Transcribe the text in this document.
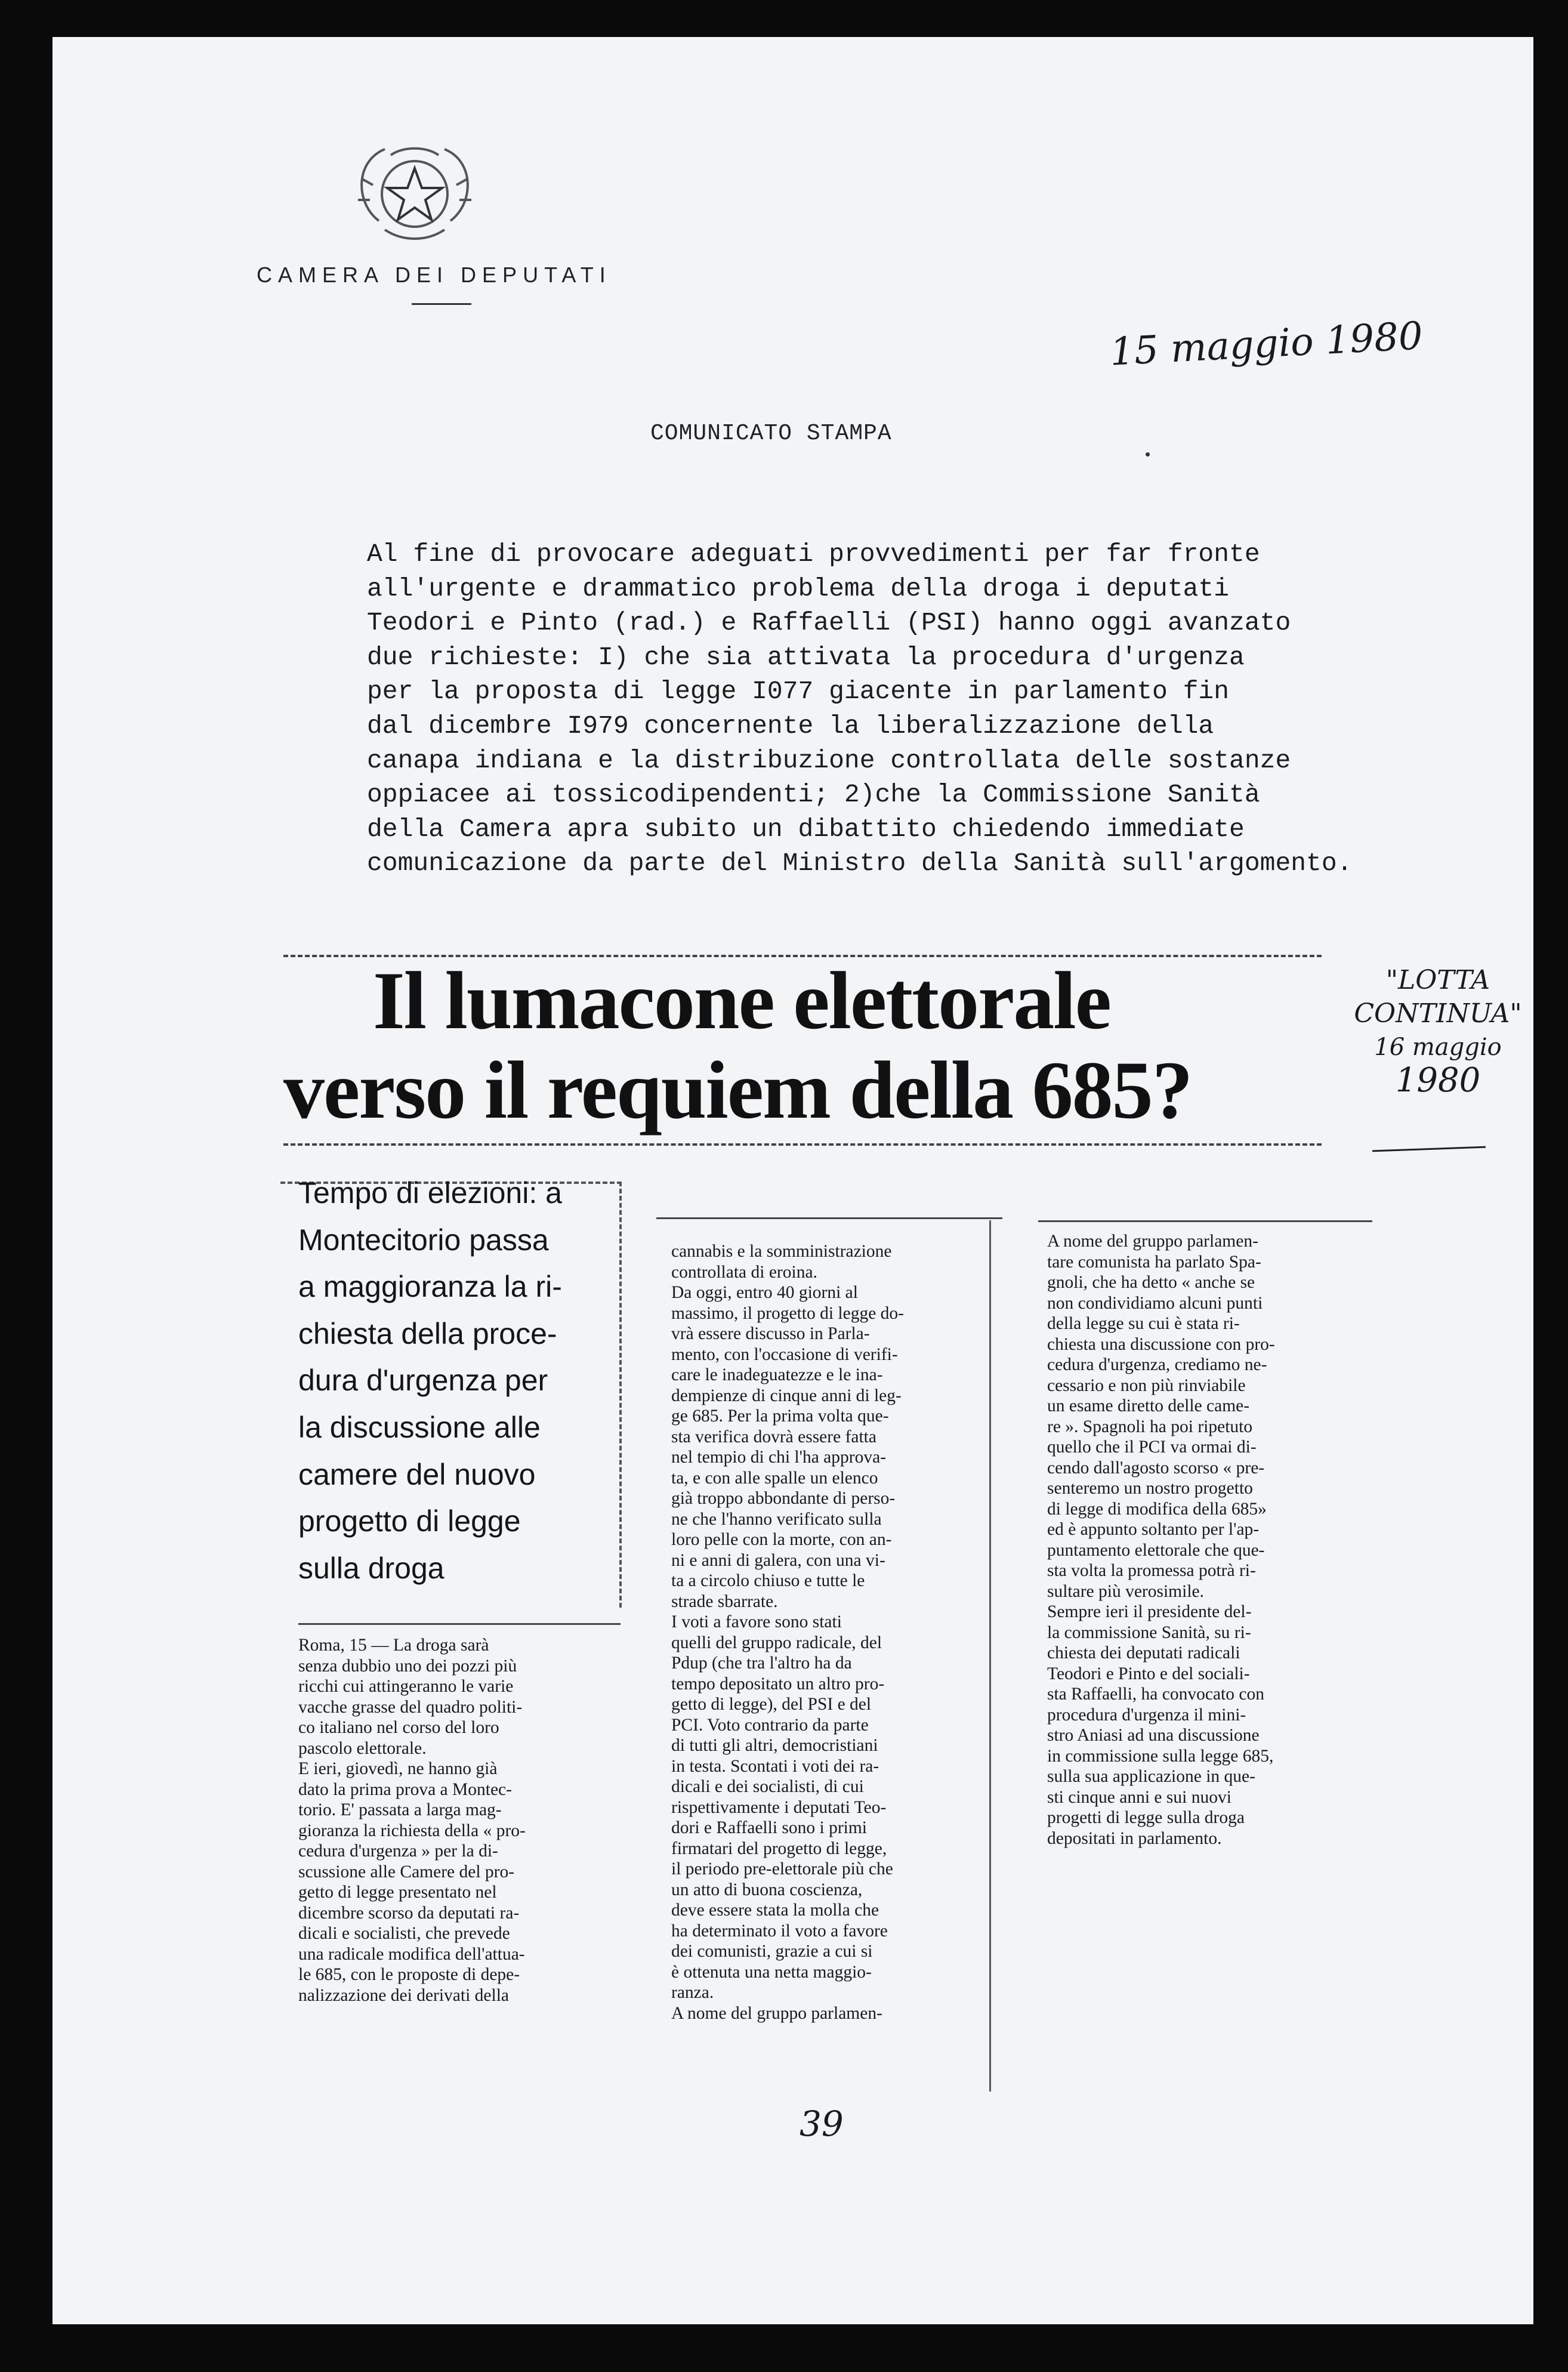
CAMERA DEI DEPUTATI
15 maggio 1980
COMUNICATO STAMPA

Al fine di provocare adeguati provvedimenti per far fronte

all'urgente e drammatico problema della droga i deputati

Teodori e Pinto (rad.) e Raffaelli (PSI) hanno oggi avanzato

due richieste: I) che sia attivata la procedura d'urgenza

per la proposta di legge I077 giacente in parlamento fin

dal dicembre I979 concernente la liberalizzazione della

canapa indiana e la distribuzione controllata delle sostanze

oppiacee ai tossicodipendenti; 2)che la Commissione Sanità

della Camera apra subito un dibattito chiedendo immediate

comunicazione da parte del Ministro della Sanità sull'argomento.

Il lumacone elettorale
verso il requiem della 685?
"LOTTA
CONTINUA"
16 maggio
1980

Tempo di elezioni: a

Montecitorio passa

a maggioranza la ri-

chiesta della proce-

dura d'urgenza per

la discussione alle

camere del nuovo

progetto di legge

sulla droga

Roma, 15 — La droga sarà

senza dubbio uno dei pozzi più

ricchi cui attingeranno le varie

vacche grasse del quadro politi-

co italiano nel corso del loro

pascolo elettorale.

E ieri, giovedì, ne hanno già

dato la prima prova a Montec-

torio. E' passata a larga mag-

gioranza la richiesta della « pro-

cedura d'urgenza » per la di-

scussione alle Camere del pro-

getto di legge presentato nel

dicembre scorso da deputati ra-

dicali e socialisti, che prevede

una radicale modifica dell'attua-

le 685, con le proposte di depe-

nalizzazione dei derivati della

cannabis e la somministrazione

controllata di eroina.

Da oggi, entro 40 giorni al

massimo, il progetto di legge do-

vrà essere discusso in Parla-

mento, con l'occasione di verifi-

care le inadeguatezze e le ina-

dempienze di cinque anni di leg-

ge 685. Per la prima volta que-

sta verifica dovrà essere fatta

nel tempio di chi l'ha approva-

ta, e con alle spalle un elenco

già troppo abbondante di perso-

ne che l'hanno verificato sulla

loro pelle con la morte, con an-

ni e anni di galera, con una vi-

ta a circolo chiuso e tutte le

strade sbarrate.

I voti a favore sono stati

quelli del gruppo radicale, del

Pdup (che tra l'altro ha da

tempo depositato un altro pro-

getto di legge), del PSI e del

PCI. Voto contrario da parte

di tutti gli altri, democristiani

in testa. Scontati i voti dei ra-

dicali e dei socialisti, di cui

rispettivamente i deputati Teo-

dori e Raffaelli sono i primi

firmatari del progetto di legge,

il periodo pre-elettorale più che

un atto di buona coscienza,

deve essere stata la molla che

ha determinato il voto a favore

dei comunisti, grazie a cui si

è ottenuta una netta maggio-

ranza.

A nome del gruppo parlamen-

A nome del gruppo parlamen-

tare comunista ha parlato Spa-

gnoli, che ha detto « anche se

non condividiamo alcuni punti

della legge su cui è stata ri-

chiesta una discussione con pro-

cedura d'urgenza, crediamo ne-

cessario e non più rinviabile

un esame diretto delle came-

re ». Spagnoli ha poi ripetuto

quello che il PCI va ormai di-

cendo dall'agosto scorso « pre-

senteremo un nostro progetto

di legge di modifica della 685»

ed è appunto soltanto per l'ap-

puntamento elettorale che que-

sta volta la promessa potrà ri-

sultare più verosimile.

Sempre ieri il presidente del-

la commissione Sanità, su ri-

chiesta dei deputati radicali

Teodori e Pinto e del sociali-

sta Raffaelli, ha convocato con

procedura d'urgenza il mini-

stro Aniasi ad una discussione

in commissione sulla legge 685,

sulla sua applicazione in que-

sti cinque anni e sui nuovi

progetti di legge sulla droga

depositati in parlamento.

39
